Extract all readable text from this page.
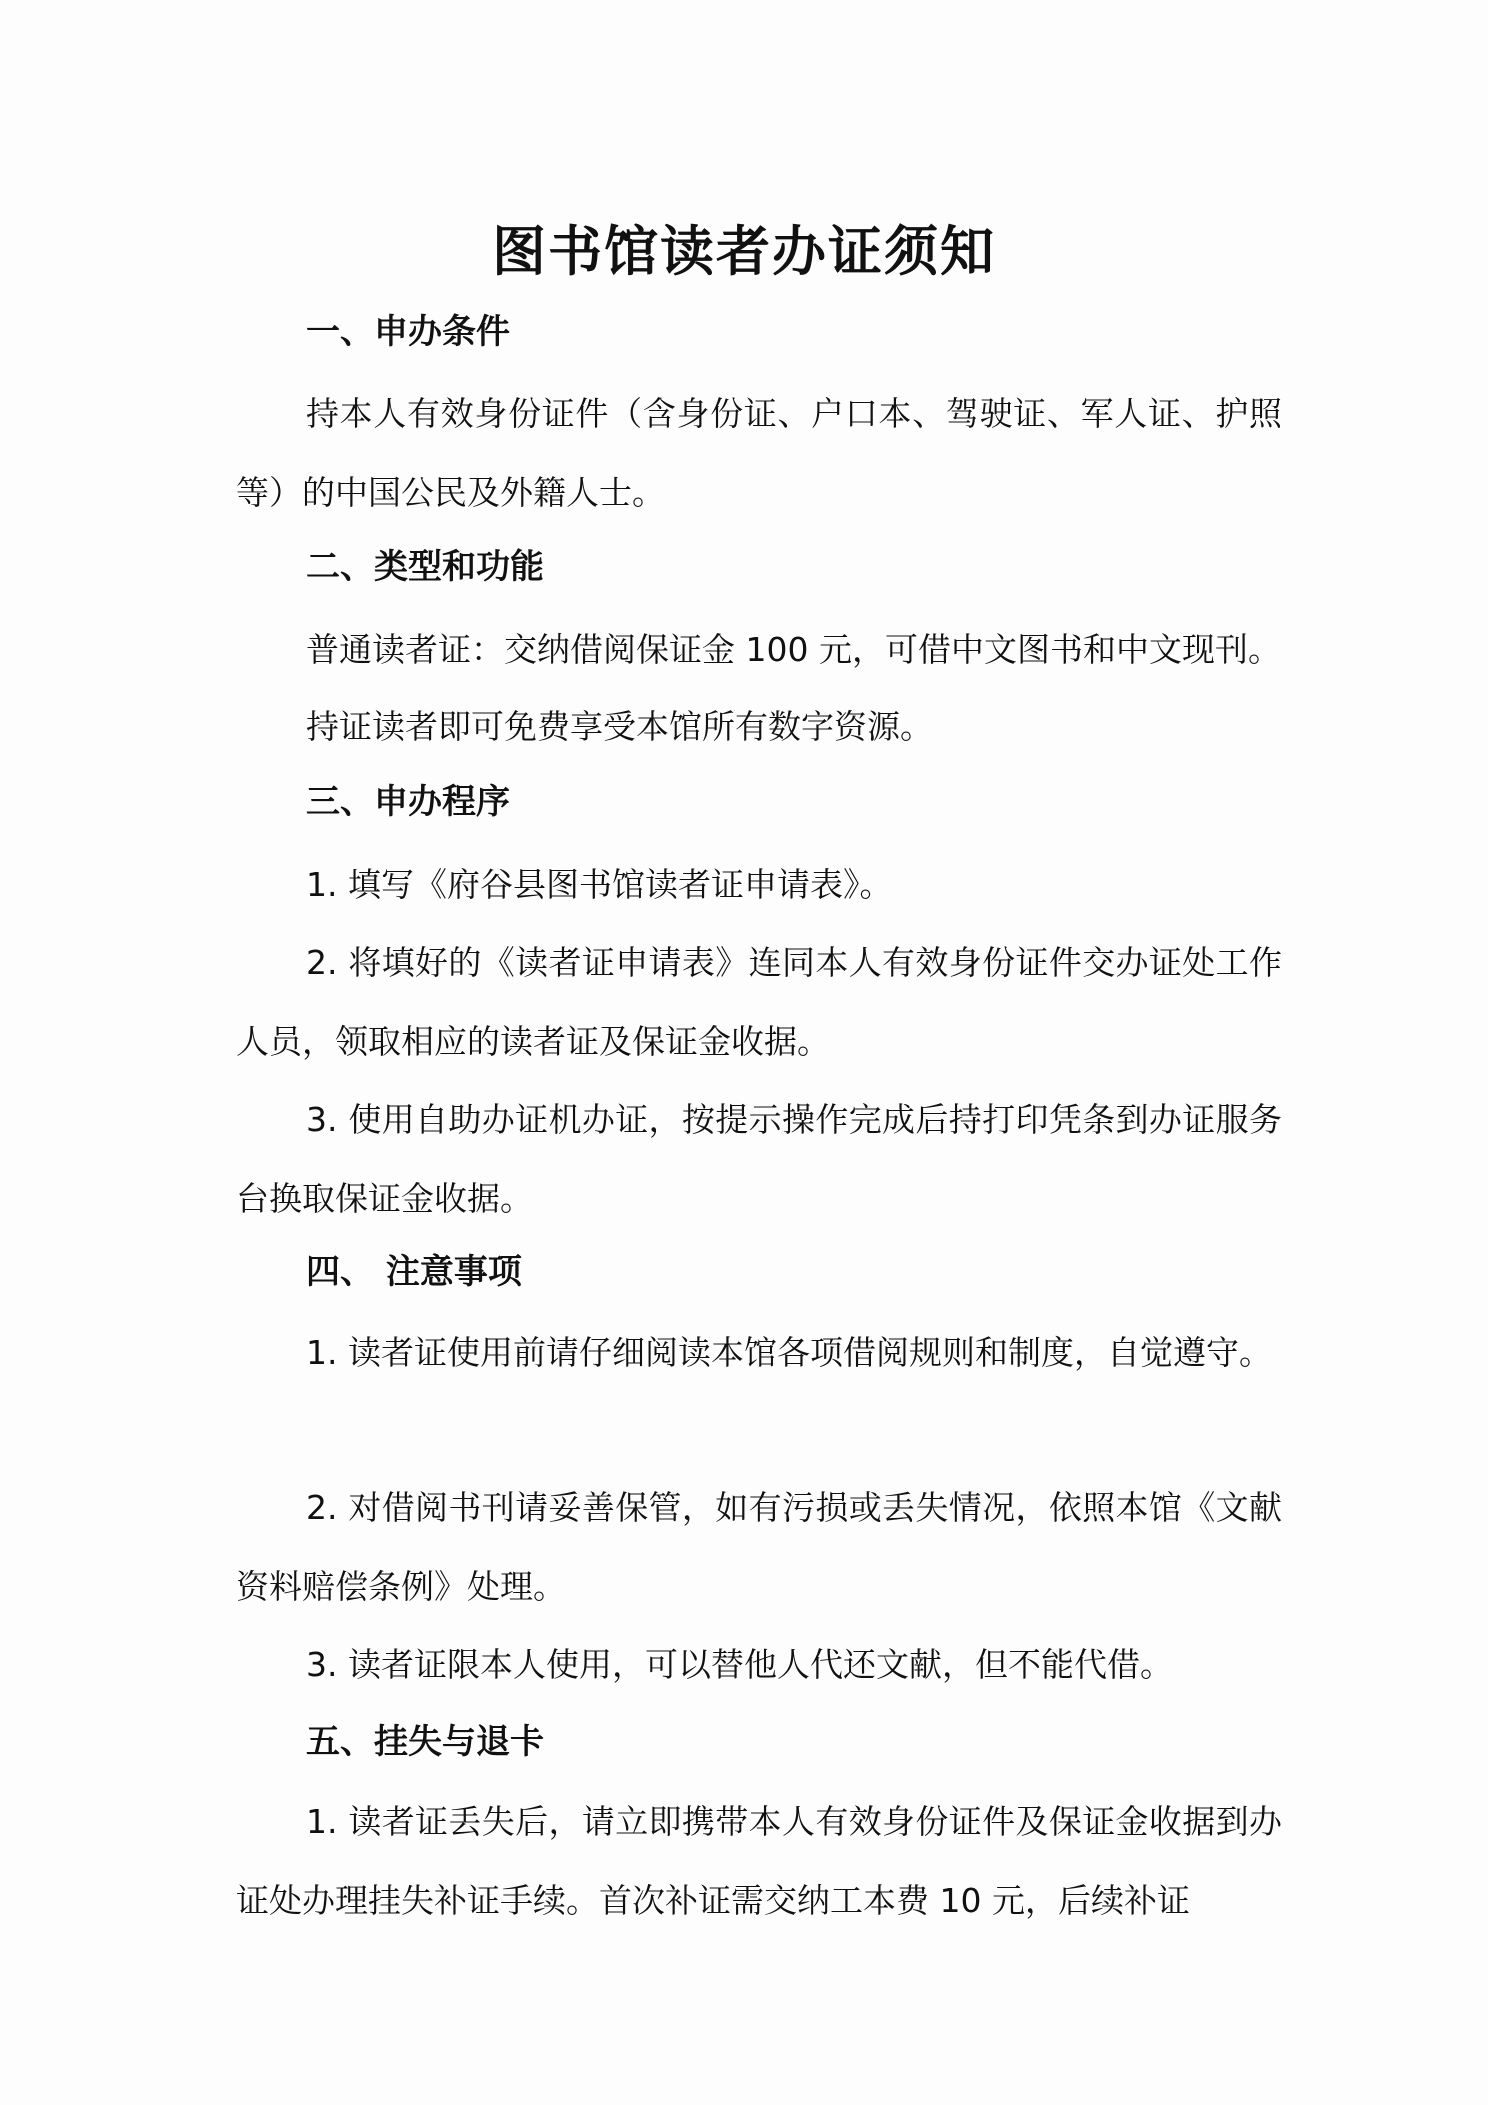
图书馆读者办证须知
一、申办条件

持本人有效身份证件（含身份证、户口本、驾驶证、军人证、护照等）的中国公民及外籍人士。

二、类型和功能

普通读者证：交纳借阅保证金 100 元，可借中文图书和中文现刊。

持证读者即可免费享受本馆所有数字资源。

三、申办程序

1. 填写《府谷县图书馆读者证申请表》。

2. 将填好的《读者证申请表》连同本人有效身份证件交办证处工作人员，领取相应的读者证及保证金收据。

3. 使用自助办证机办证，按提示操作完成后持打印凭条到办证服务台换取保证金收据。

四、 注意事项

1. 读者证使用前请仔细阅读本馆各项借阅规则和制度，自觉遵守。

2. 对借阅书刊请妥善保管，如有污损或丢失情况，依照本馆《文献资料赔偿条例》处理。

3. 读者证限本人使用，可以替他人代还文献，但不能代借。

五、挂失与退卡

1. 读者证丢失后，请立即携带本人有效身份证件及保证金收据到办证处办理挂失补证手续。首次补证需交纳工本费 10 元，后续补证
